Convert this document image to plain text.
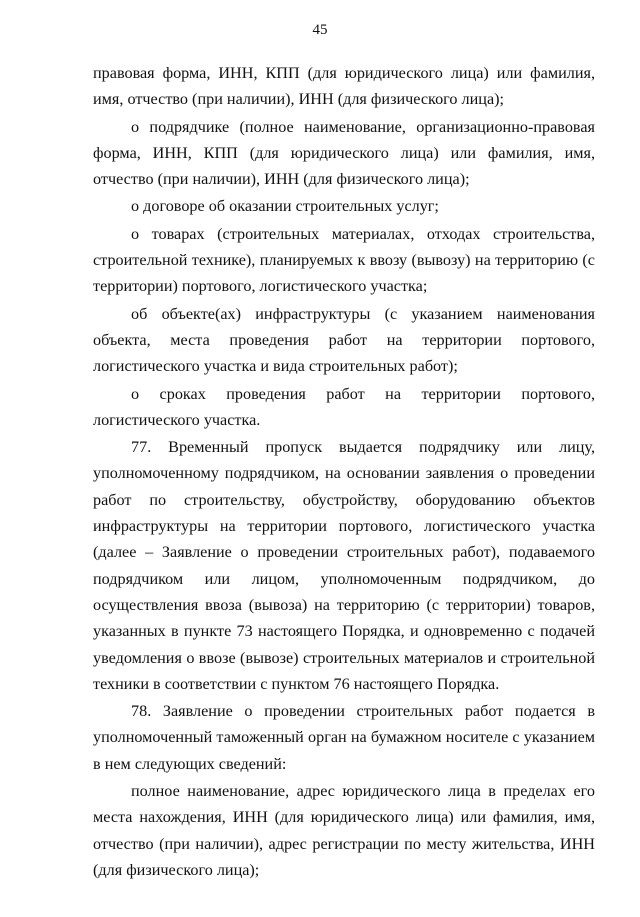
45

правовая форма, ИНН, КПП (для юридического лица) или фамилия, имя, отчество (при наличии), ИНН (для физического лица);

о подрядчике (полное наименование, организационно-правовая форма, ИНН, КПП (для юридического лица) или фамилия, имя, отчество (при наличии), ИНН (для физического лица);

о договоре об оказании строительных услуг;

о товарах (строительных материалах, отходах строительства, строительной технике), планируемых к ввозу (вывозу) на территорию (с территории) портового, логистического участка;

об объекте(ах) инфраструктуры (с указанием наименования объекта, места проведения работ на территории портового, логистического участка и вида строительных работ);

о сроках проведения работ на территории портового, логистического участка.

77. Временный пропуск выдается подрядчику или лицу, уполномоченному подрядчиком, на основании заявления о проведении работ по строительству, обустройству, оборудованию объектов инфраструктуры на территории портового, логистического участка (далее – Заявление о проведении строительных работ), подаваемого подрядчиком или лицом, уполномоченным подрядчиком, до осуществления ввоза (вывоза) на территорию (с территории) товаров, указанных в пункте 73 настоящего Порядка, и одновременно с подачей уведомления о ввозе (вывозе) строительных материалов и строительной техники в соответствии с пунктом 76 настоящего Порядка.

78. Заявление о проведении строительных работ подается в уполномоченный таможенный орган на бумажном носителе с указанием в нем следующих сведений:

полное наименование, адрес юридического лица в пределах его места нахождения, ИНН (для юридического лица) или фамилия, имя, отчество (при наличии), адрес регистрации по месту жительства, ИНН (для физического лица);
